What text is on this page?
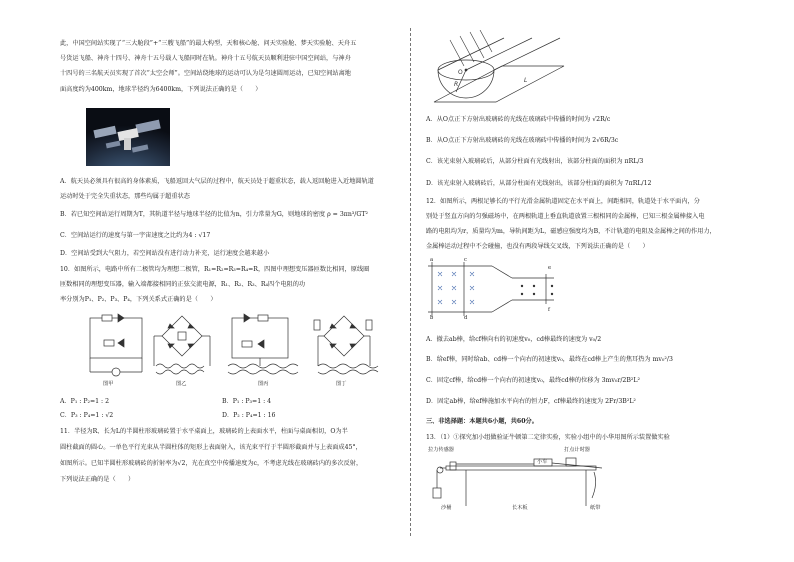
此，中国空间站实现了“三大舱段”+“三艘飞船”的最大构型，天和核心舱、问天实验舱、梦天实验舱、天舟五
号货运飞船、神舟十四号、神舟十五号载人飞船同时在轨。神舟十五号航天员顺利进驻中国空间站，与神舟
十四号的三名航天员实现了首次“太空会师”。空间站绕地球的运动可认为是匀速圆周运动，已知空间站离地
面高度约为400km，地球半径约为6400km，下列说法正确的是（　　）
A．航天员必须具有很高的身体素质，飞船返回大气层的过程中，航天员处于超重状态，载人返回舱进入近地圆轨道
运动时处于完全失重状态，那些均属于超重状态
B．若已知空间站运行周期为T，其轨道半径与地球半径的比值为n，引力常量为G，则地球的密度 ρ = 3πn³/GT²
C．空间站运行的速度与第一宇宙速度之比约为4 : √17
D．空间站受到大气阻力，若空间站没有进行动力补充，运行速度会越来越小
10．如图所示，电路中所有二极管均为理想二极管，R₁=R₂=R₃=R₄=R，四图中理想变压器匝数比相同，原线圈
匝数相同的理想变压器，输入端都接相同的正弦交流电源，R₁、R₂、R₃、R₄四个电阻的功
率分别为P₁、P₂、P₃、P₄，下列关系式正确的是（　　）
图甲	图乙	图丙	图丁
A．P₁ : P₂=1 : 2	B．P₁ : P₃=1 : 4
C．P₃ : P₄=1 : √2	D．P₂ : P₄=1 : 16
11．半径为R、长为L的半圆柱形玻璃砖置于水平桌面上，玻璃砖的上表面水平，柱面与桌面相切，O为半
圆柱截面的圆心。一单色平行光束从半圆柱体的矩形上表面射入，该光束平行于半圆形截面并与上表面成45°，
如图所示。已知半圆柱形玻璃砖的折射率为√2，光在真空中传播速度为c，不考虑光线在玻璃砖内的多次反射，
下列说法正确的是（　　）
O
R
L
A．从O点正下方射出玻璃砖的光线在玻璃砖中传播的时间为 √2R/c
B．从O点正下方射出玻璃砖的光线在玻璃砖中传播的时间为 2√6R/3c
C．该光束射入玻璃砖后，从部分柱面有光线射出，该部分柱面的面积为 πRL/3
D．该光束射入玻璃砖后，从部分柱面有光线射出，该部分柱面的面积为 7πRL/12
12．如图所示，两根足够长的平行光滑金属轨道固定在水平面上，间距相同，轨道处于水平面内，分
别处于竖直方向的匀强磁场中，在两根轨道上垂直轨道放置三根相同的金属棒，已知三根金属棒接入电
路的电阻均为r，质量均为m，导轨间距为L，磁感应强度均为B，不计轨道的电阻及金属棒之间的作用力，
金属棒运动过程中不会碰撞，也没有两段导线交叉线，下列说法正确的是（　　）
a	c
e
b	d
f
A．撤去ab棒，给cf棒向右的初速度v₀，cd棒最终的速度为 v₀/2
B．给ef棒，同时给ab、cd棒一个向右的初速度v₀，最终在cd棒上产生的焦耳热为 mv₀²/3
C．固定cf棒，给cd棒一个向右的初速度v₀，最终cd棒的位移为 3mv₀r/2B²L²
D．固定ab棒，给ef棒施加水平向右的恒力F，cf棒最终的速度为 2Fr/3B²L²
三、非选择题：本题共6小题，共60分。
13．（1）①探究加小组做验证牛顿第二定律实验，实验小组中的小华用图所示装置做实验
拉力传感器
小车
打点计时器
沙桶	长木板	纸带
